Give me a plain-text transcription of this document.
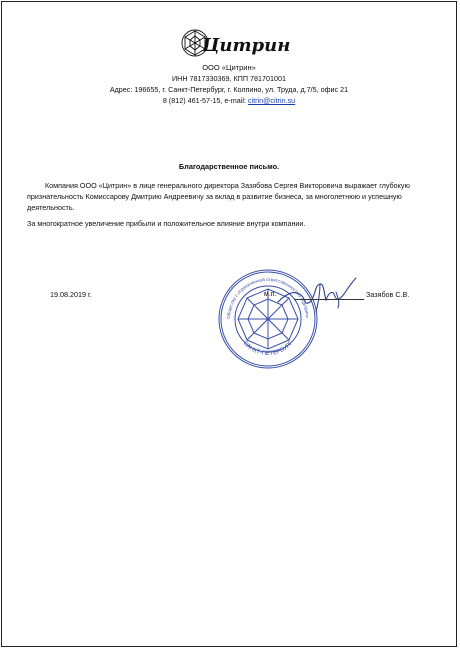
Цитрин
ООО «Цитрин»
ИНН 7817330369, КПП 781701001
Адрес: 196655, г. Санкт-Петербург, г. Колпино, ул. Труда, д.7/5, офис 21
8 (812) 461-57-15, e-mail: citrin@citrin.su
Благодарственное письмо.
Компания ООО «Цитрин» в лице генерального директора Зазябова Сергея Викторовича выражает глубокую признательность Комиссарову Дмитрию Андреевичу за вклад в развитие бизнеса, за многолетнюю и успешную деятельность.
За многократное увеличение прибыли и положительное влияние внутри компании.
Общество с ограниченной ответственностью «Цитрин»
САНКТ-ПЕТЕРБУРГ
19.08.2019 г.	м.п.	Зазябов С.В.
